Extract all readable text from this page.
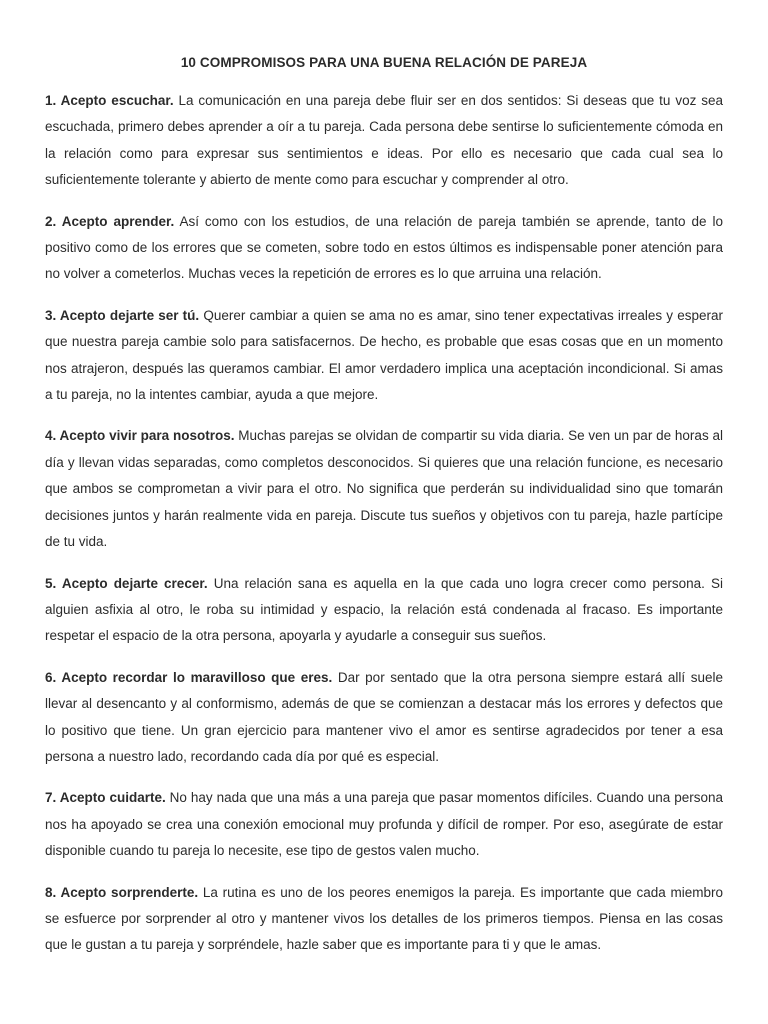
10 COMPROMISOS PARA UNA BUENA RELACIÓN DE PAREJA

1. Acepto escuchar. La comunicación en una pareja debe fluir ser en dos sentidos: Si deseas que tu voz sea escuchada, primero debes aprender a oír a tu pareja. Cada persona debe sentirse lo suficientemente cómoda en la relación como para expresar sus sentimientos e ideas. Por ello es necesario que cada cual sea lo suficientemente tolerante y abierto de mente como para escuchar y comprender al otro.

2. Acepto aprender. Así como con los estudios, de una relación de pareja también se aprende, tanto de lo positivo como de los errores que se cometen, sobre todo en estos últimos es indispensable poner atención para no volver a cometerlos. Muchas veces la repetición de errores es lo que arruina una relación.

3. Acepto dejarte ser tú. Querer cambiar a quien se ama no es amar, sino tener expectativas irreales y esperar que nuestra pareja cambie solo para satisfacernos. De hecho, es probable que esas cosas que en un momento nos atrajeron, después las queramos cambiar. El amor verdadero implica una aceptación incondicional. Si amas a tu pareja, no la intentes cambiar, ayuda a que mejore.

4. Acepto vivir para nosotros. Muchas parejas se olvidan de compartir su vida diaria. Se ven un par de horas al día y llevan vidas separadas, como completos desconocidos. Si quieres que una relación funcione, es necesario que ambos se comprometan a vivir para el otro. No significa que perderán su individualidad sino que tomarán decisiones juntos y harán realmente vida en pareja. Discute tus sueños y objetivos con tu pareja, hazle partícipe de tu vida.

5. Acepto dejarte crecer. Una relación sana es aquella en la que cada uno logra crecer como persona. Si alguien asfixia al otro, le roba su intimidad y espacio, la relación está condenada al fracaso. Es importante respetar el espacio de la otra persona, apoyarla y ayudarle a conseguir sus sueños.

6. Acepto recordar lo maravilloso que eres. Dar por sentado que la otra persona siempre estará allí suele llevar al desencanto y al conformismo, además de que se comienzan a destacar más los errores y defectos que lo positivo que tiene. Un gran ejercicio para mantener vivo el amor es sentirse agradecidos por tener a esa persona a nuestro lado, recordando cada día por qué es especial.

7. Acepto cuidarte. No hay nada que una más a una pareja que pasar momentos difíciles. Cuando una persona nos ha apoyado se crea una conexión emocional muy profunda y difícil de romper. Por eso, asegúrate de estar disponible cuando tu pareja lo necesite, ese tipo de gestos valen mucho.

8. Acepto sorprenderte. La rutina es uno de los peores enemigos la pareja. Es importante que cada miembro se esfuerce por sorprender al otro y mantener vivos los detalles de los primeros tiempos. Piensa en las cosas que le gustan a tu pareja y sorpréndele, hazle saber que es importante para ti y que le amas.
